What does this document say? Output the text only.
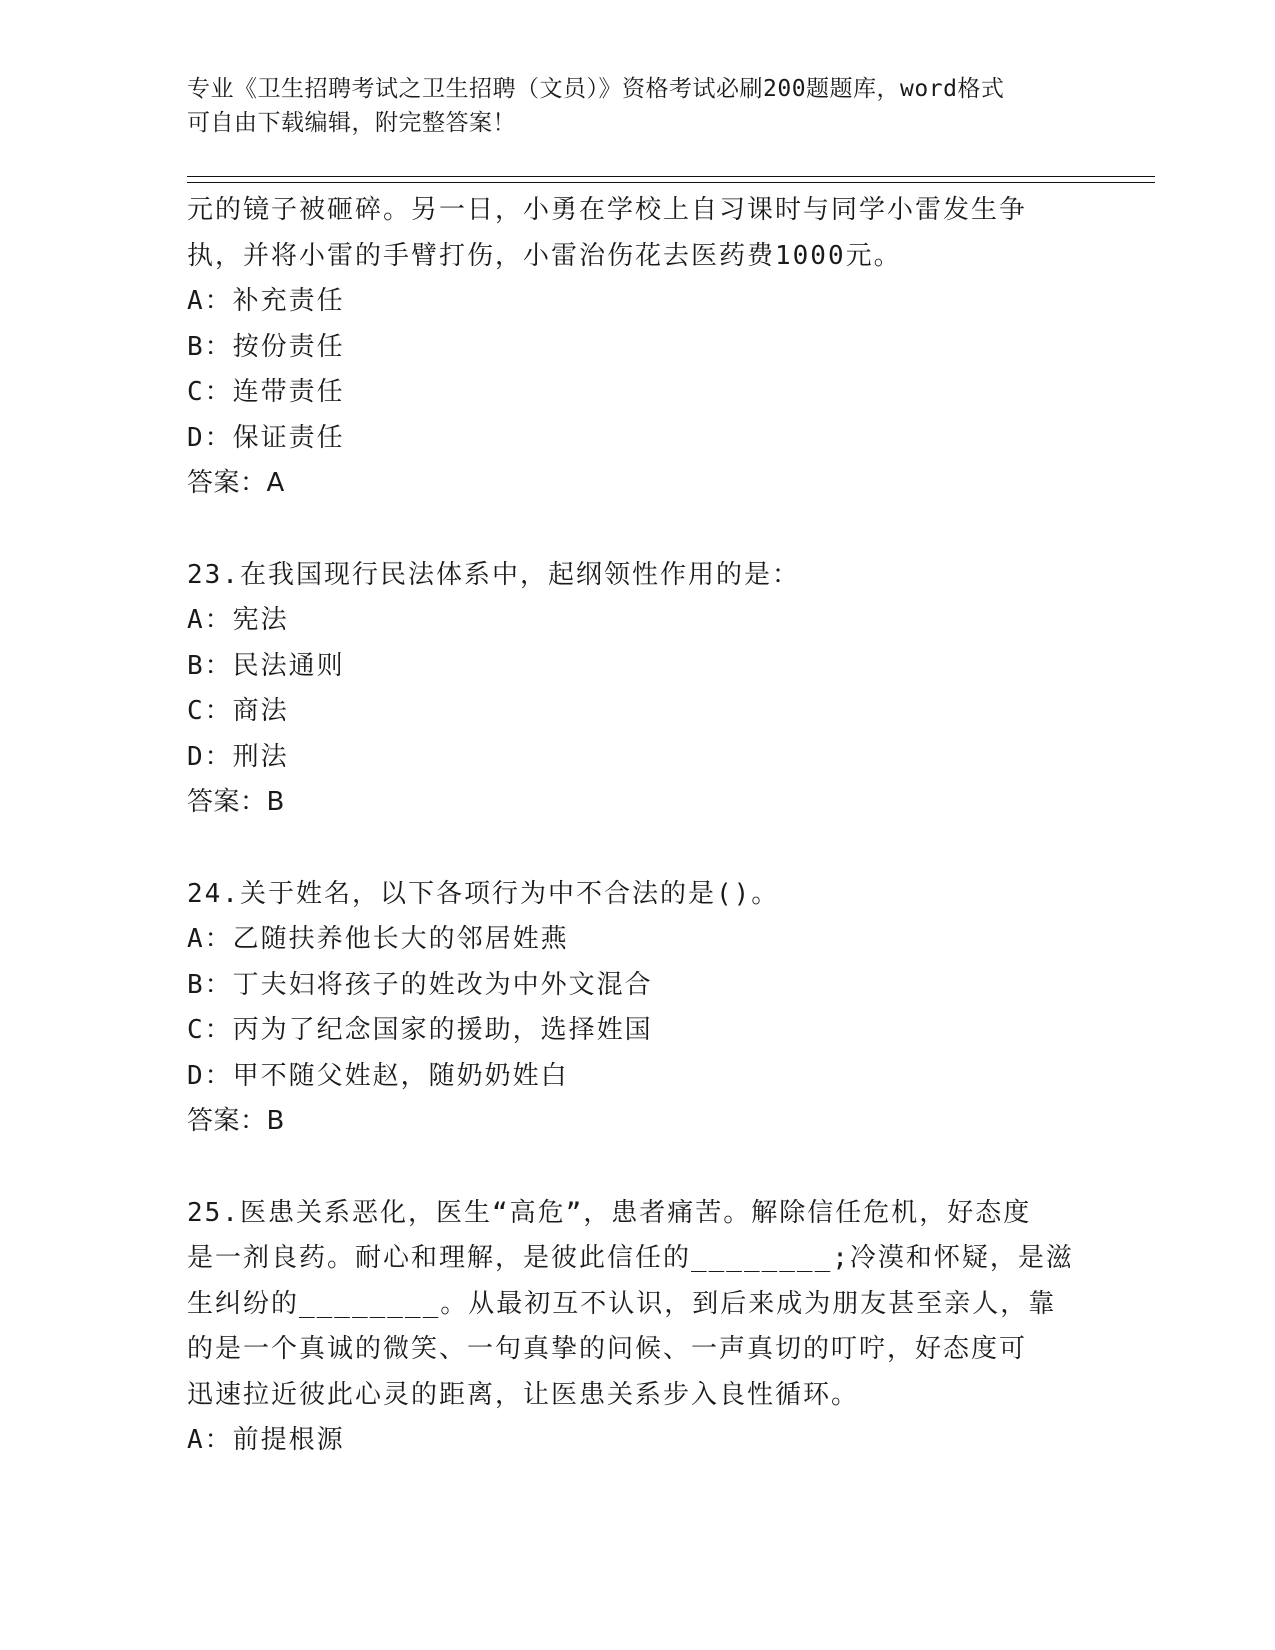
专业《卫生招聘考试之卫生招聘（文员）》资格考试必刷200题题库，word格式
可自由下载编辑，附完整答案！
元的镜子被砸碎。另一日，小勇在学校上自习课时与同学小雷发生争
执，并将小雷的手臂打伤，小雷治伤花去医药费1000元。
A：补充责任
B：按份责任
C：连带责任
D：保证责任
答案：A
23.在我国现行民法体系中，起纲领性作用的是：
A：宪法
B：民法通则
C：商法
D：刑法
答案：B
24.关于姓名，以下各项行为中不合法的是()。
A：乙随扶养他长大的邻居姓燕
B：丁夫妇将孩子的姓改为中外文混合
C：丙为了纪念国家的援助，选择姓国
D：甲不随父姓赵，随奶奶姓白
答案：B
25.医患关系恶化，医生“高危”，患者痛苦。解除信任危机，好态度
是一剂良药。耐心和理解，是彼此信任的________;冷漠和怀疑，是滋
生纠纷的________。从最初互不认识，到后来成为朋友甚至亲人，靠
的是一个真诚的微笑、一句真挚的问候、一声真切的叮咛，好态度可
迅速拉近彼此心灵的距离，让医患关系步入良性循环。
A：前提根源
